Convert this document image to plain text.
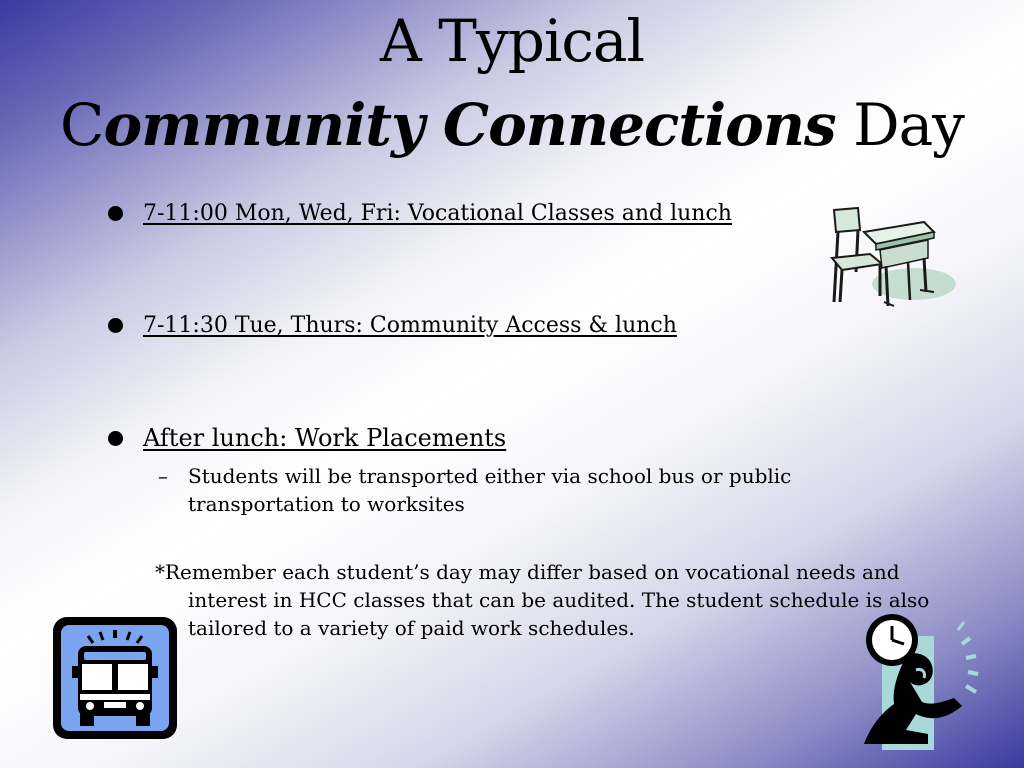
A Typical
Community Connections Day
7-11:00 Mon, Wed, Fri: Vocational Classes and lunch
7-11:30 Tue, Thurs: Community Access & lunch
After lunch: Work Placements
–	Students will be transported either via school bus or public transportation to worksites
*Remember each student’s day may differ based on vocational needs and interest in HCC classes that can be audited. The student schedule is also tailored to a variety of paid work schedules.
